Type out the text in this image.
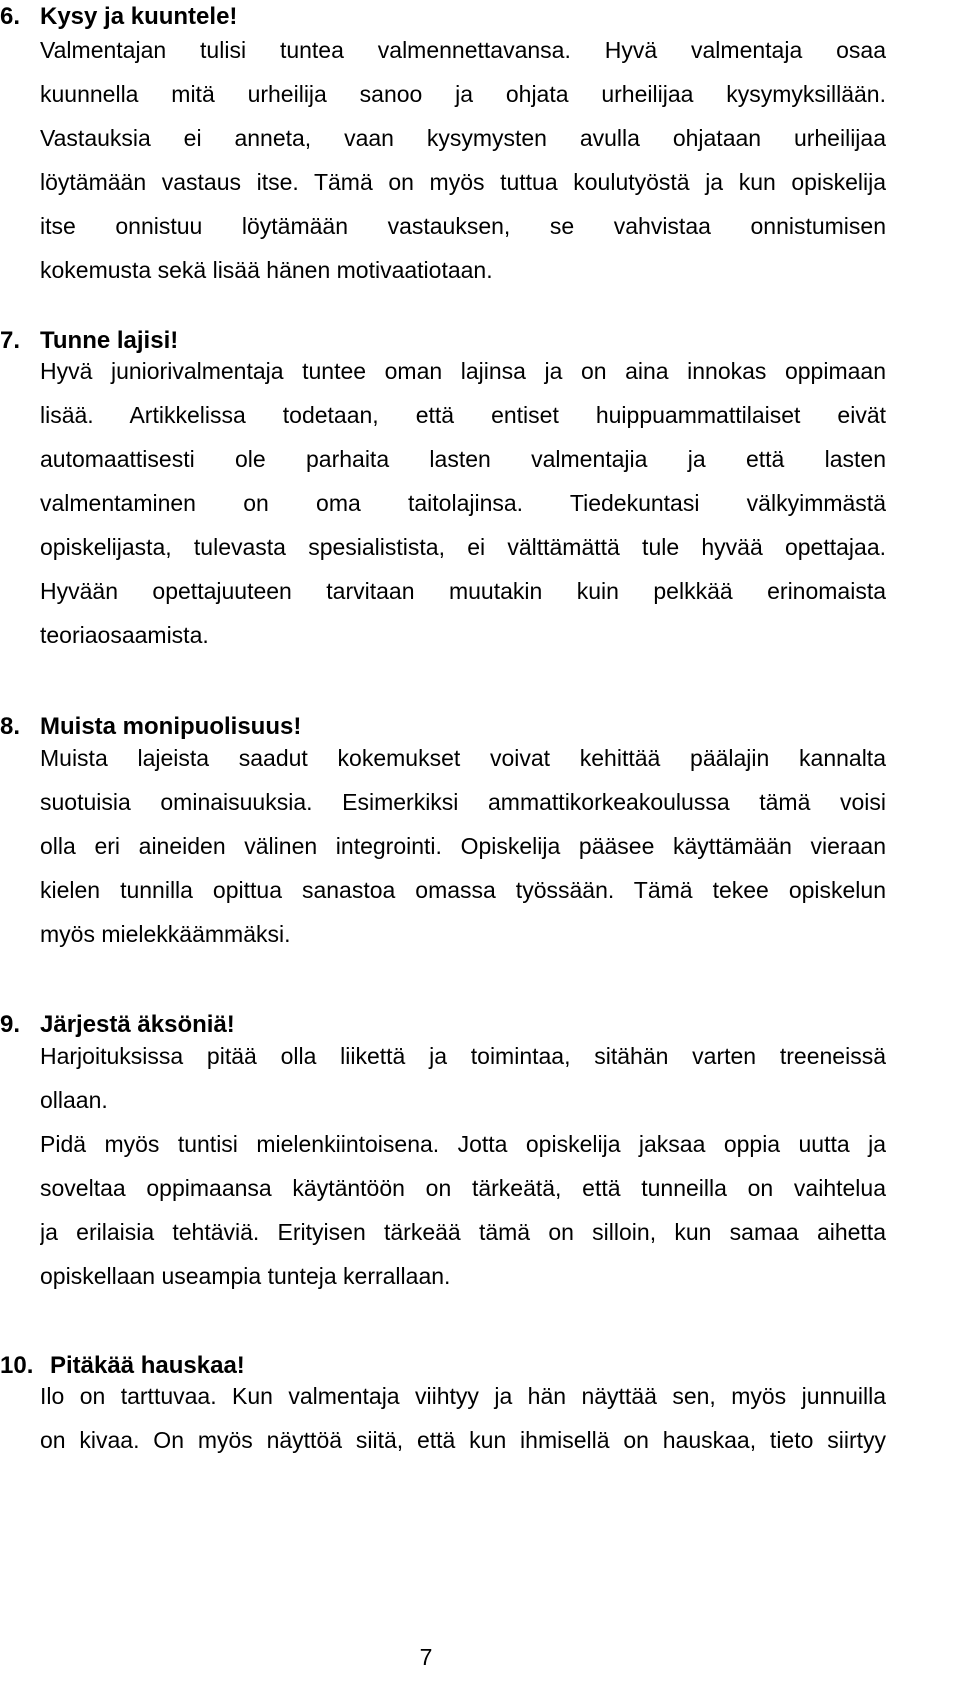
6. Kysy ja kuuntele!
Valmentajan tulisi tuntea valmennettavansa. Hyvä valmentaja osaa
kuunnella mitä urheilija sanoo ja ohjata urheilijaa kysymyksillään.
Vastauksia ei anneta, vaan kysymysten avulla ohjataan urheilijaa
löytämään vastaus itse. Tämä on myös tuttua koulutyöstä ja kun opiskelija
itse onnistuu löytämään vastauksen, se vahvistaa onnistumisen
kokemusta sekä lisää hänen motivaatiotaan.
7. Tunne lajisi!
Hyvä juniorivalmentaja tuntee oman lajinsa ja on aina innokas oppimaan
lisää. Artikkelissa todetaan, että entiset huippuammattilaiset eivät
automaattisesti ole parhaita lasten valmentajia ja että lasten
valmentaminen on oma taitolajinsa. Tiedekuntasi välkyimmästä
opiskelijasta, tulevasta spesialistista, ei välttämättä tule hyvää opettajaa.
Hyvään opettajuuteen tarvitaan muutakin kuin pelkkää erinomaista
teoriaosaamista.
8. Muista monipuolisuus!
Muista lajeista saadut kokemukset voivat kehittää päälajin kannalta
suotuisia ominaisuuksia. Esimerkiksi ammattikorkeakoulussa tämä voisi
olla eri aineiden välinen integrointi. Opiskelija pääsee käyttämään vieraan
kielen tunnilla opittua sanastoa omassa työssään. Tämä tekee opiskelun
myös mielekkäämmäksi.
9. Järjestä äksöniä!
Harjoituksissa pitää olla liikettä ja toimintaa, sitähän varten treeneissä
ollaan.
Pidä myös tuntisi mielenkiintoisena. Jotta opiskelija jaksaa oppia uutta ja
soveltaa oppimaansa käytäntöön on tärkeätä, että tunneilla on vaihtelua
ja erilaisia tehtäviä. Erityisen tärkeää tämä on silloin, kun samaa aihetta
opiskellaan useampia tunteja kerrallaan.
10. Pitäkää hauskaa!
Ilo on tarttuvaa. Kun valmentaja viihtyy ja hän näyttää sen, myös junnuilla
on kivaa. On myös näyttöä siitä, että kun ihmisellä on hauskaa, tieto siirtyy
7
